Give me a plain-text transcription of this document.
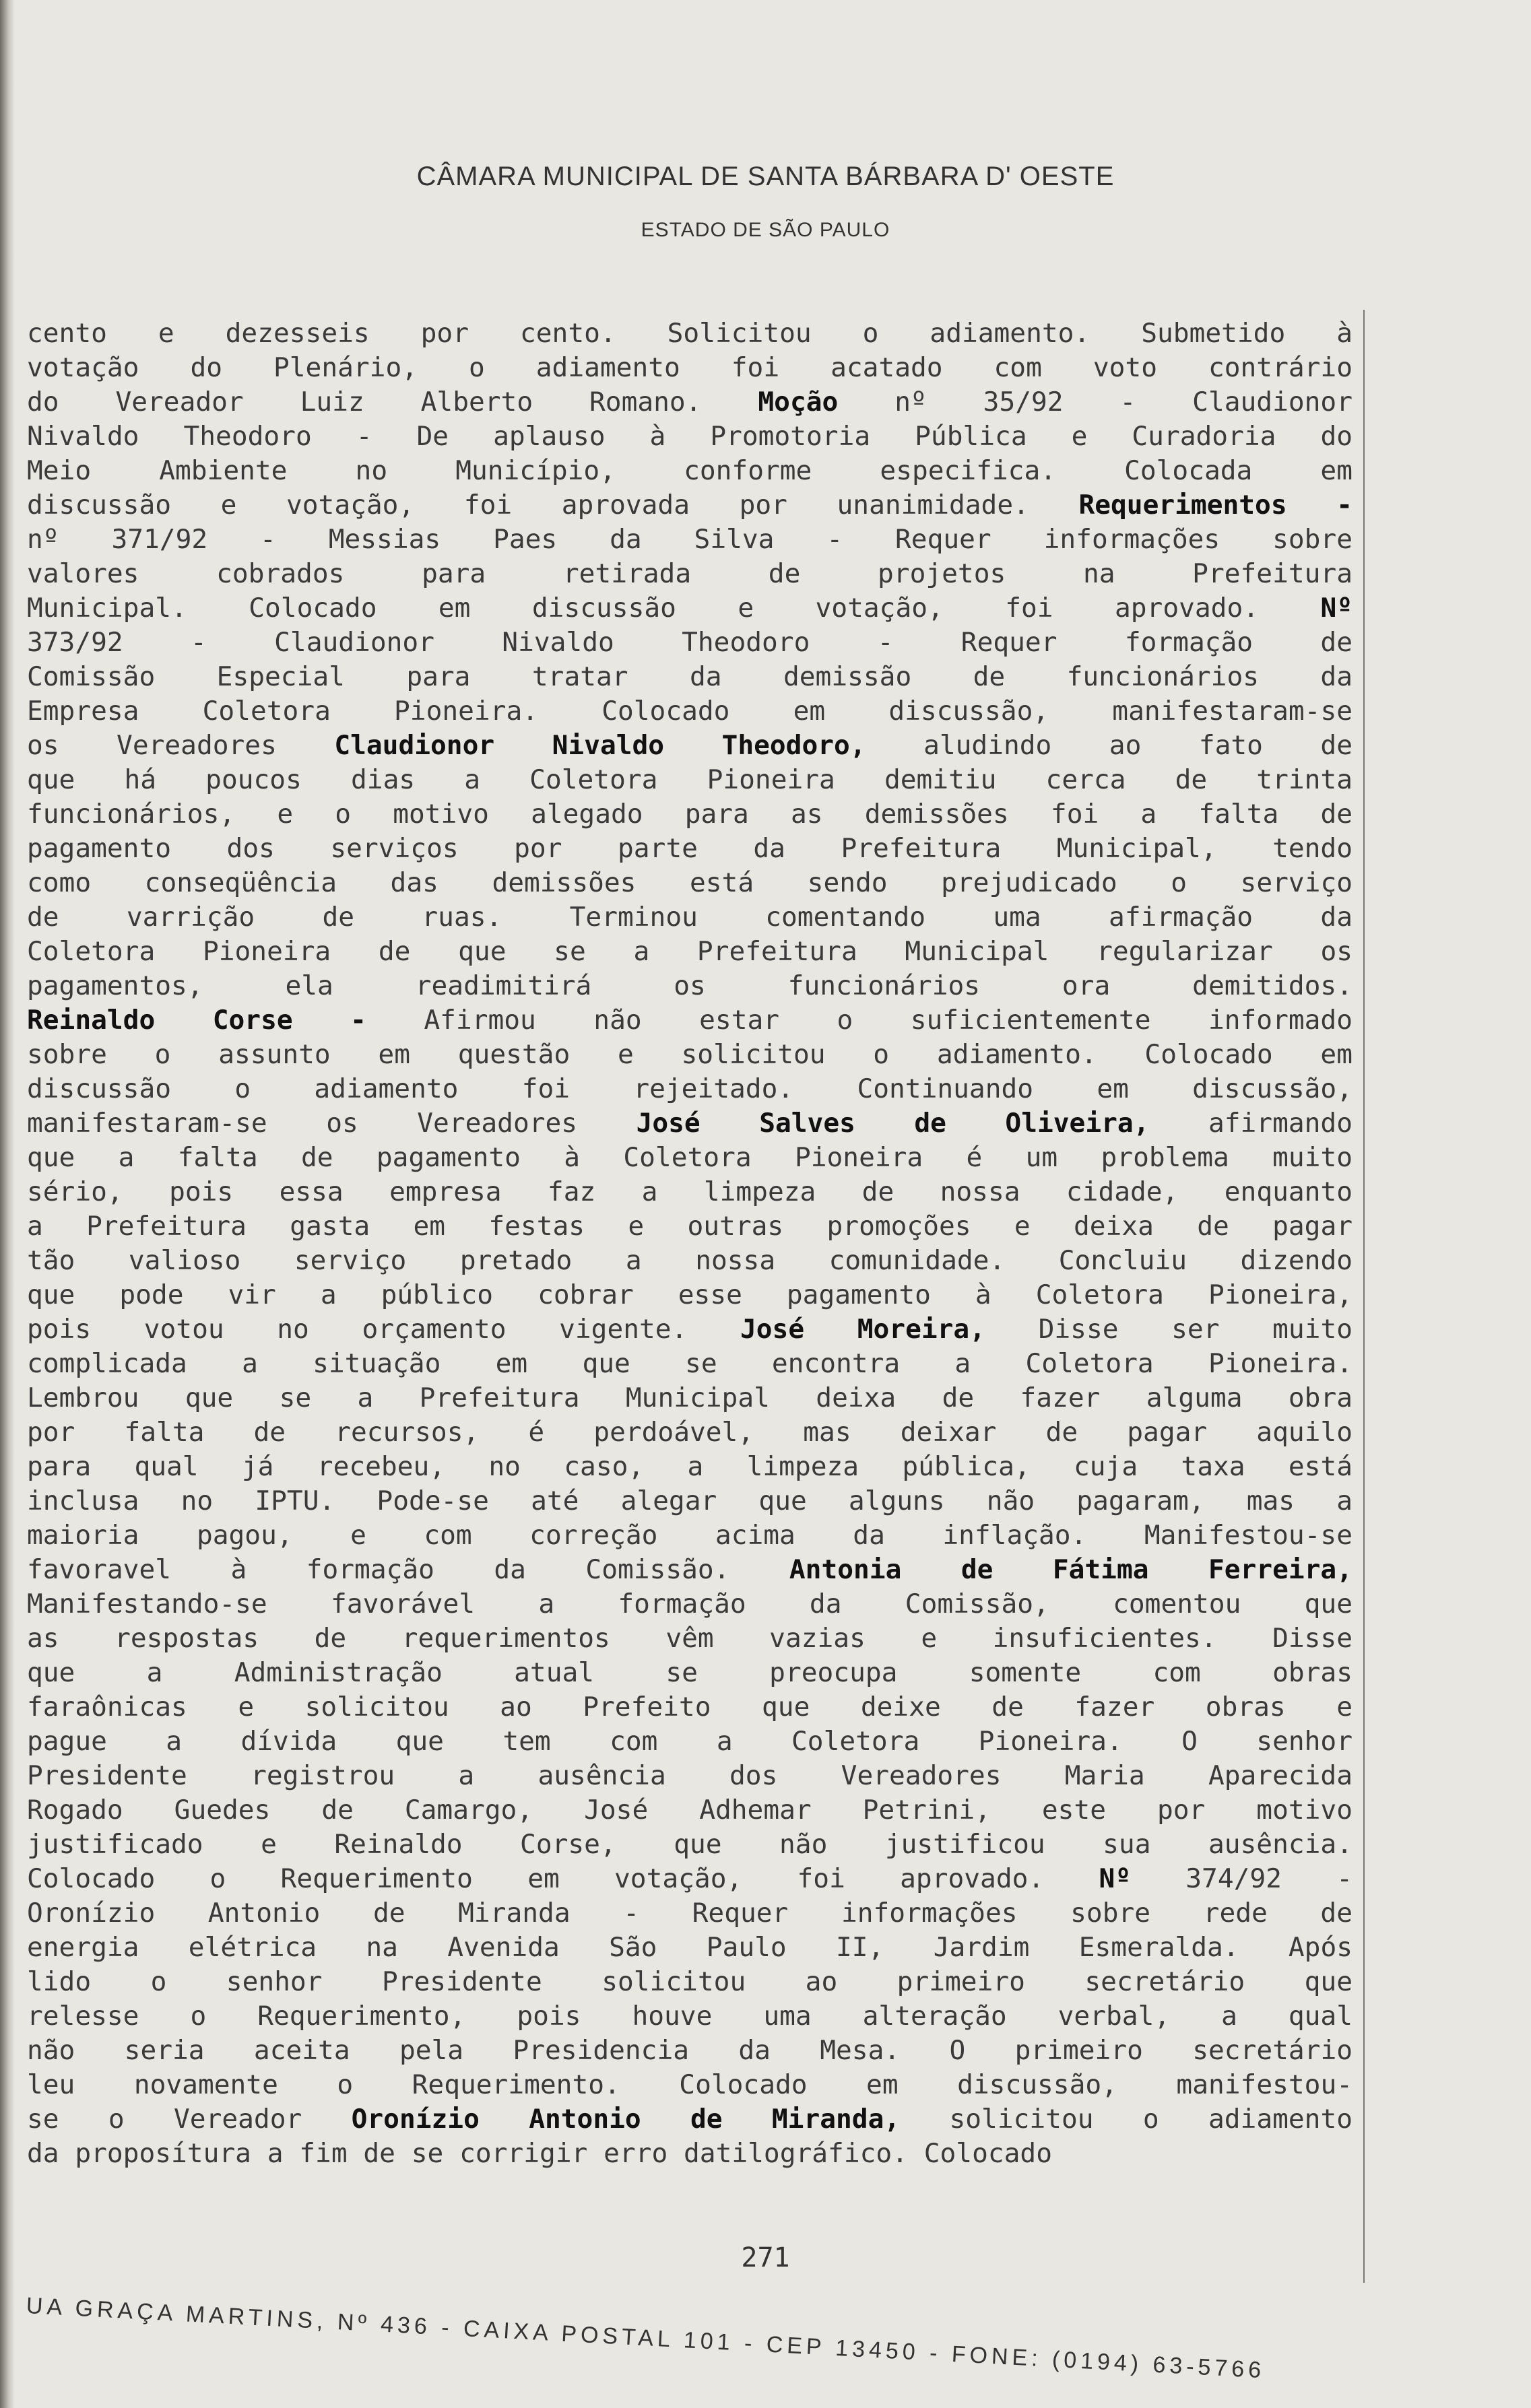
CÂMARA MUNICIPAL DE SANTA BÁRBARA D' OESTE
ESTADO DE SÃO PAULO
cento e dezesseis por cento. Solicitou o adiamento. Submetido à
votação do Plenário, o adiamento foi acatado com voto contrário
do Vereador Luiz Alberto Romano. Moção nº 35/92 - Claudionor
Nivaldo Theodoro - De aplauso à Promotoria Pública e Curadoria do
Meio Ambiente no Município, conforme especifica. Colocada em
discussão e votação, foi aprovada por unanimidade. Requerimentos -
nº 371/92 - Messias Paes da Silva - Requer informações sobre
valores cobrados para retirada de projetos na Prefeitura
Municipal. Colocado em discussão e votação, foi aprovado. Nº
373/92 - Claudionor Nivaldo Theodoro - Requer formação de
Comissão Especial para tratar da demissão de funcionários da
Empresa Coletora Pioneira. Colocado em discussão, manifestaram-se
os Vereadores Claudionor Nivaldo Theodoro, aludindo ao fato de
que há poucos dias a Coletora Pioneira demitiu cerca de trinta
funcionários, e o motivo alegado para as demissões foi a falta de
pagamento dos serviços por parte da Prefeitura Municipal, tendo
como conseqüência das demissões está sendo prejudicado o serviço
de varrição de ruas. Terminou comentando uma afirmação da
Coletora Pioneira de que se a Prefeitura Municipal regularizar os
pagamentos, ela readimitirá os funcionários ora demitidos.
Reinaldo Corse - Afirmou não estar o suficientemente informado
sobre o assunto em questão e solicitou o adiamento. Colocado em
discussão o adiamento foi rejeitado. Continuando em discussão,
manifestaram-se os Vereadores José Salves de Oliveira, afirmando
que a falta de pagamento à Coletora Pioneira é um problema muito
sério, pois essa empresa faz a limpeza de nossa cidade, enquanto
a Prefeitura gasta em festas e outras promoções e deixa de pagar
tão valioso serviço pretado a nossa comunidade. Concluiu dizendo
que pode vir a público cobrar esse pagamento à Coletora Pioneira,
pois votou no orçamento vigente. José Moreira, Disse ser muito
complicada a situação em que se encontra a Coletora Pioneira.
Lembrou que se a Prefeitura Municipal deixa de fazer alguma obra
por falta de recursos, é perdoável, mas deixar de pagar aquilo
para qual já recebeu, no caso, a limpeza pública, cuja taxa está
inclusa no IPTU. Pode-se até alegar que alguns não pagaram, mas a
maioria pagou, e com correção acima da inflação. Manifestou-se
favoravel à formação da Comissão. Antonia de Fátima Ferreira,
Manifestando-se favorável a formação da Comissão, comentou que
as respostas de requerimentos vêm vazias e insuficientes. Disse
que a Administração atual se preocupa somente com obras
faraônicas e solicitou ao Prefeito que deixe de fazer obras e
pague a dívida que tem com a Coletora Pioneira. O senhor
Presidente registrou a ausência dos Vereadores Maria Aparecida
Rogado Guedes de Camargo, José Adhemar Petrini, este por motivo
justificado e Reinaldo Corse, que não justificou sua ausência.
Colocado o Requerimento em votação, foi aprovado. Nº 374/92 -
Oronízio Antonio de Miranda - Requer informações sobre rede de
energia elétrica na Avenida São Paulo II, Jardim Esmeralda. Após
lido o senhor Presidente solicitou ao primeiro secretário que
relesse o Requerimento, pois houve uma alteração verbal, a qual
não seria aceita pela Presidencia da Mesa. O primeiro secretário
leu novamente o Requerimento. Colocado em discussão, manifestou-
se o Vereador Oronízio Antonio de Miranda, solicitou o adiamento
da proposítura a fim de se corrigir erro datilográfico. Colocado
271
UA GRAÇA MARTINS, Nº 436 - CAIXA POSTAL 101 - CEP 13450 - FONE: (0194) 63-5766
